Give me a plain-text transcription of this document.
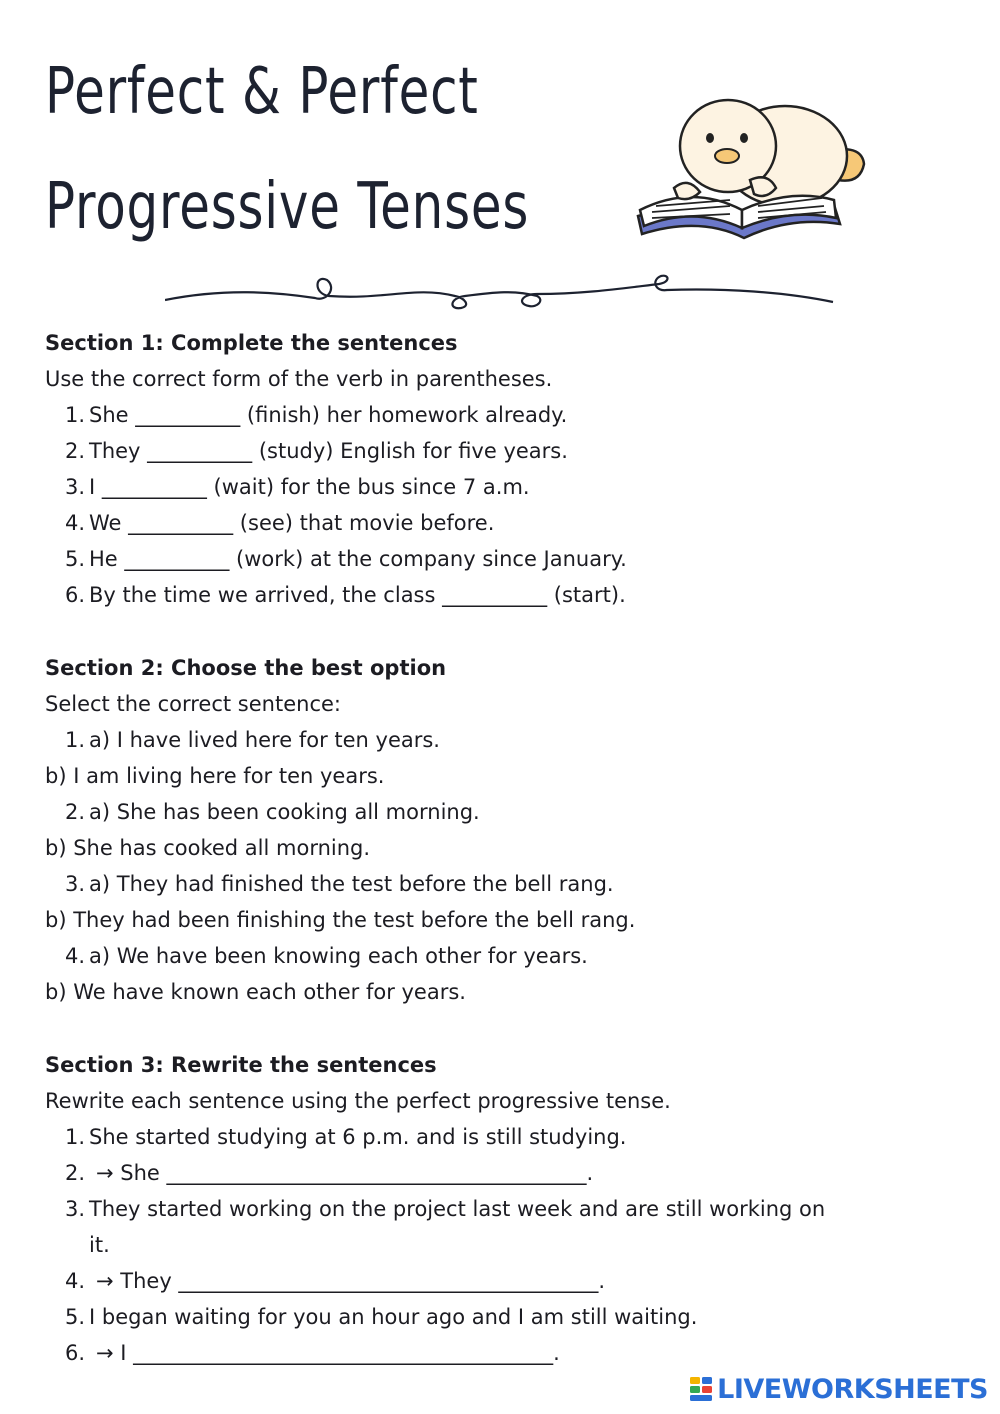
Perfect & Perfect
Progressive Tenses

Section 1: Complete the sentences

Use the correct form of the verb in parentheses.

1. She __________ (finish) her homework already.
2. They __________ (study) English for five years.
3. I __________ (wait) for the bus since 7 a.m.
4. We __________ (see) that movie before.
5. He __________ (work) at the company since January.
6. By the time we arrived, the class __________ (start).

Section 2: Choose the best option

Select the correct sentence:

1. a) I have lived here for ten years.

b) I am living here for ten years.

2. a) She has been cooking all morning.

b) She has cooked all morning.

3. a) They had finished the test before the bell rang.

b) They had been finishing the test before the bell rang.

4. a) We have been knowing each other for years.

b) We have known each other for years.

Section 3: Rewrite the sentences

Rewrite each sentence using the perfect progressive tense.

1. She started studying at 6 p.m. and is still studying.
2. → She ________________________________________.
3. They started working on the project last week and are still working on
it.
4. → They ________________________________________.
5. I began waiting for you an hour ago and I am still waiting.
6. → I ________________________________________.
LIVEWORKSHEETS
